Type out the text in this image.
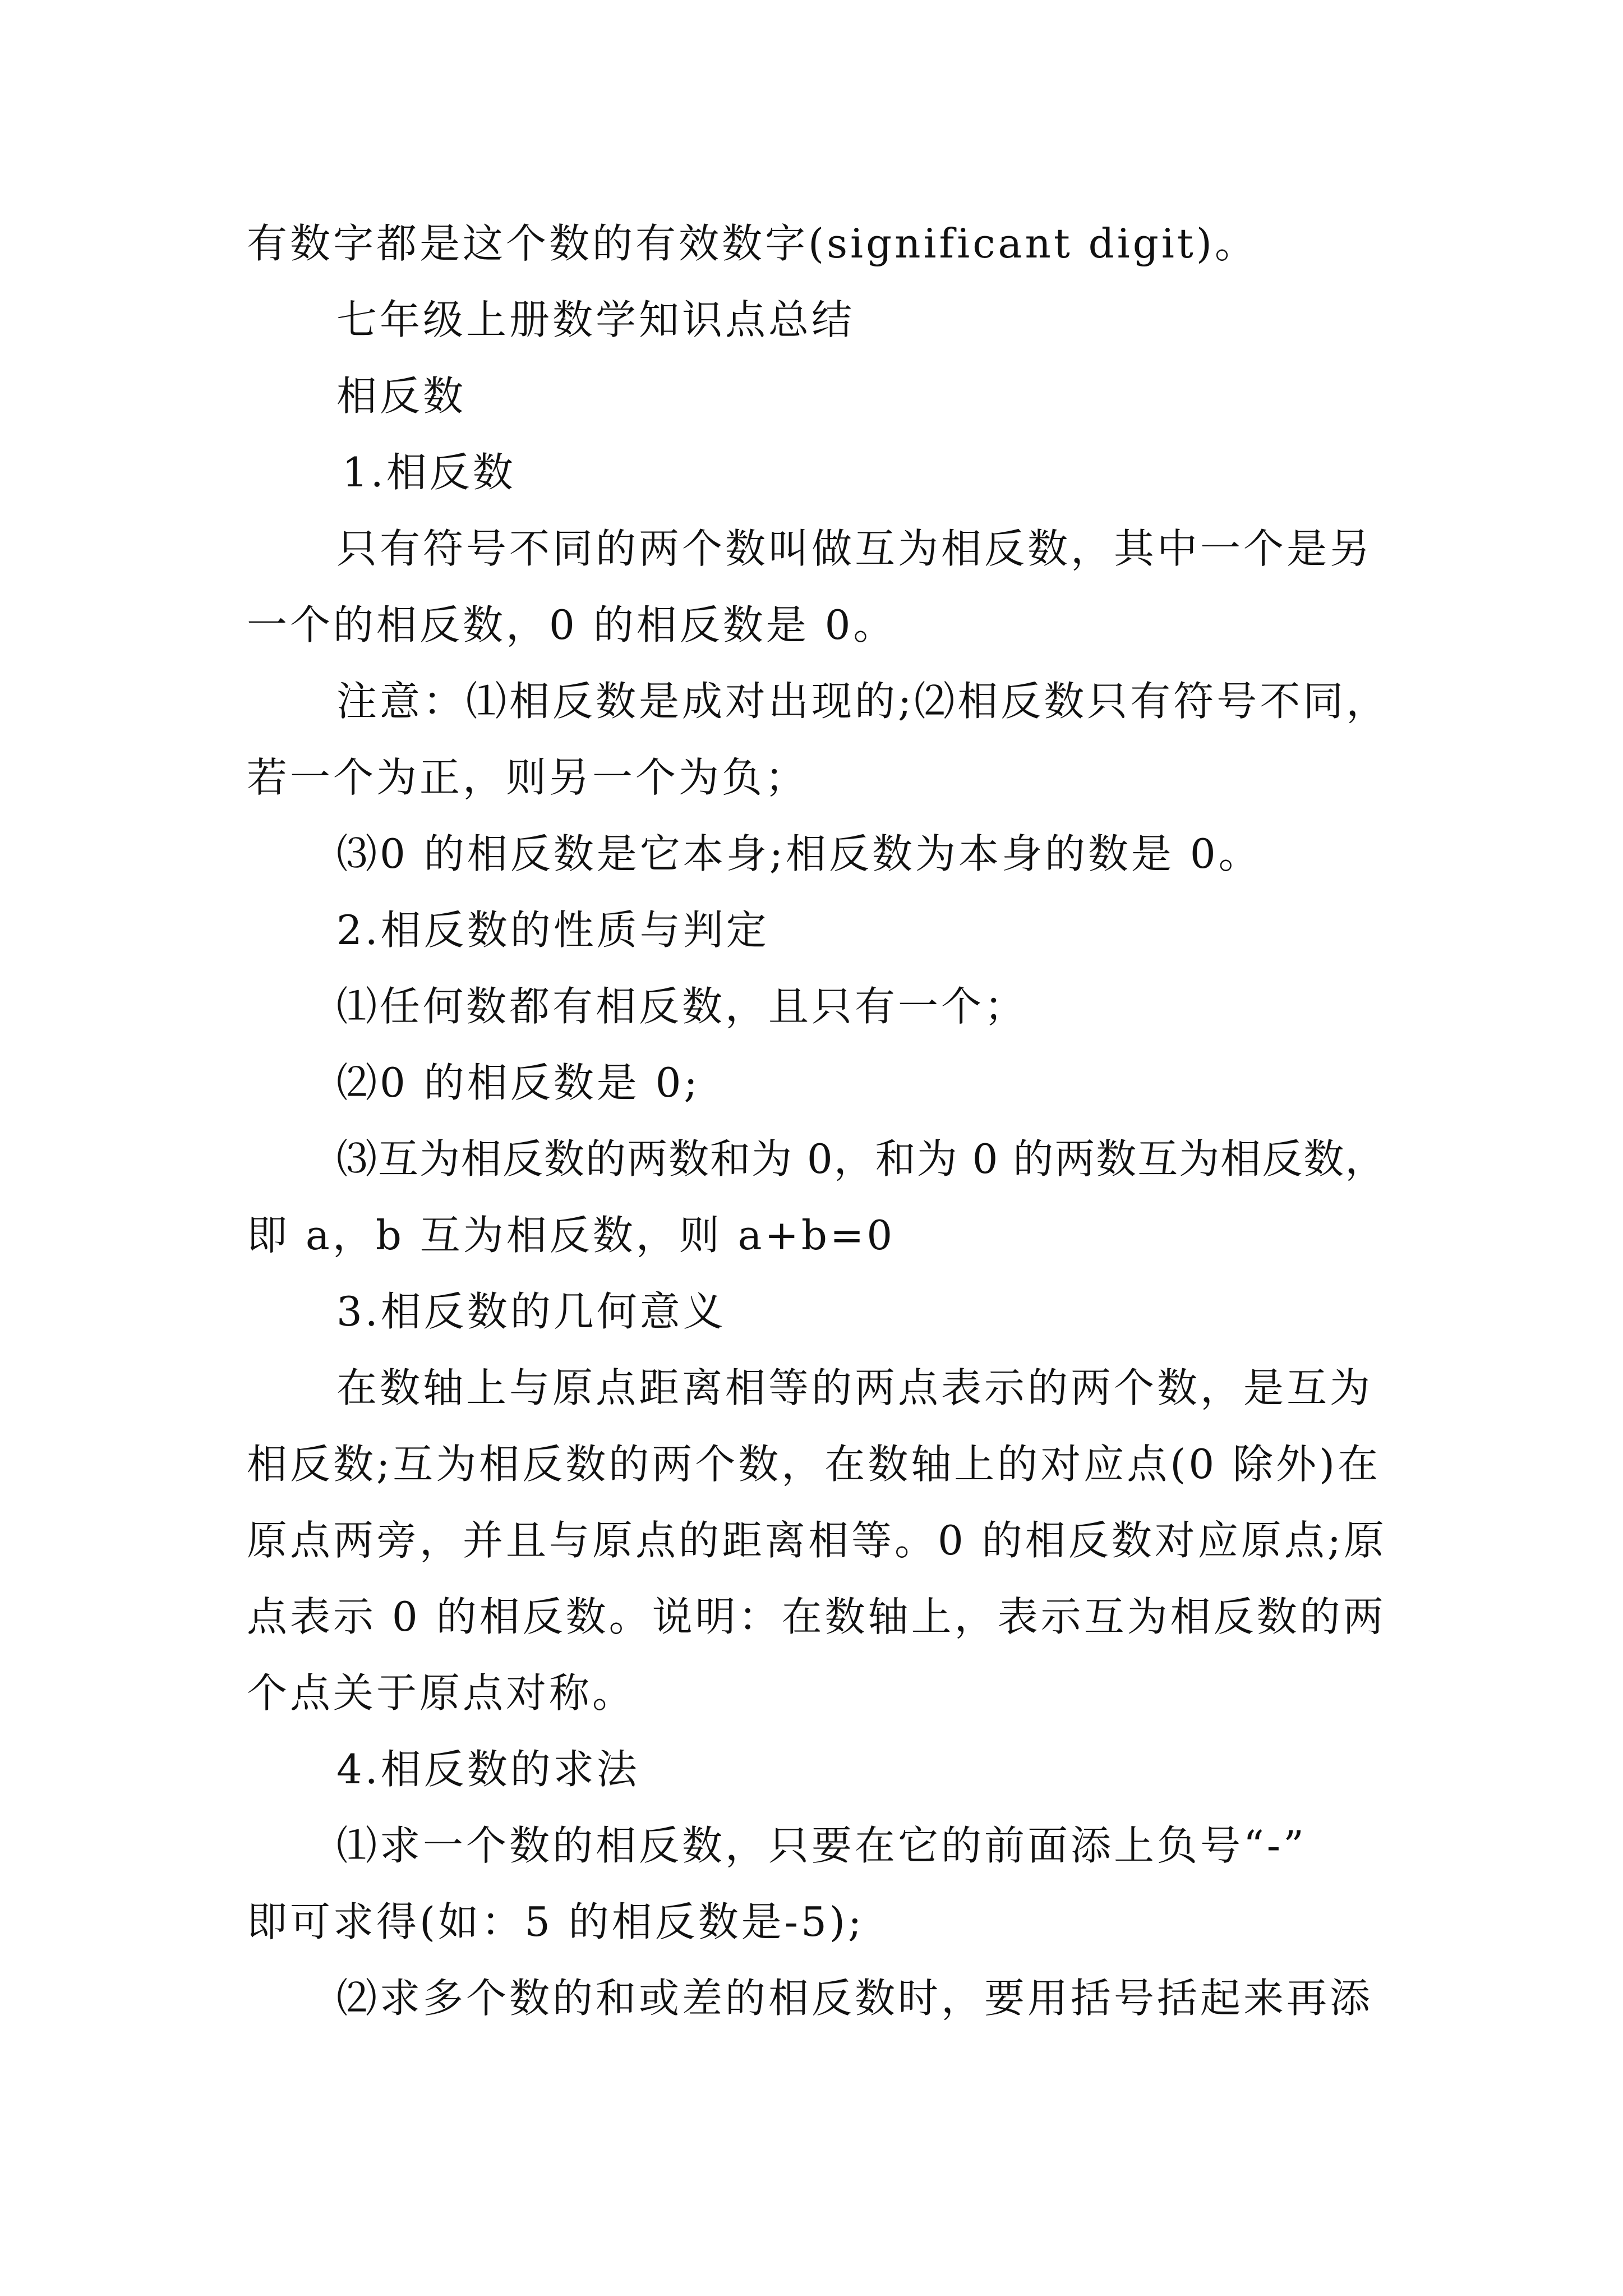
有数字都是这个数的有效数字(significant digit)。
七年级上册数学知识点总结
相反数
1.相反数
只有符号不同的两个数叫做互为相反数，其中一个是另
一个的相反数，0 的相反数是 0。
注意：⑴相反数是成对出现的;⑵相反数只有符号不同，
若一个为正，则另一个为负；
⑶0 的相反数是它本身;相反数为本身的数是 0。
2.相反数的性质与判定
⑴任何数都有相反数，且只有一个；
⑵0 的相反数是 0;
⑶互为相反数的两数和为 0，和为 0 的两数互为相反数，
即 a，b 互为相反数，则 a+b=0
3.相反数的几何意义
在数轴上与原点距离相等的两点表示的两个数，是互为
相反数;互为相反数的两个数，在数轴上的对应点(0 除外)在
原点两旁，并且与原点的距离相等。0 的相反数对应原点;原
点表示 0 的相反数。说明：在数轴上，表示互为相反数的两
个点关于原点对称。
4.相反数的求法
⑴求一个数的相反数，只要在它的前面添上负号“-”
即可求得(如：5 的相反数是-5);
⑵求多个数的和或差的相反数时，要用括号括起来再添
